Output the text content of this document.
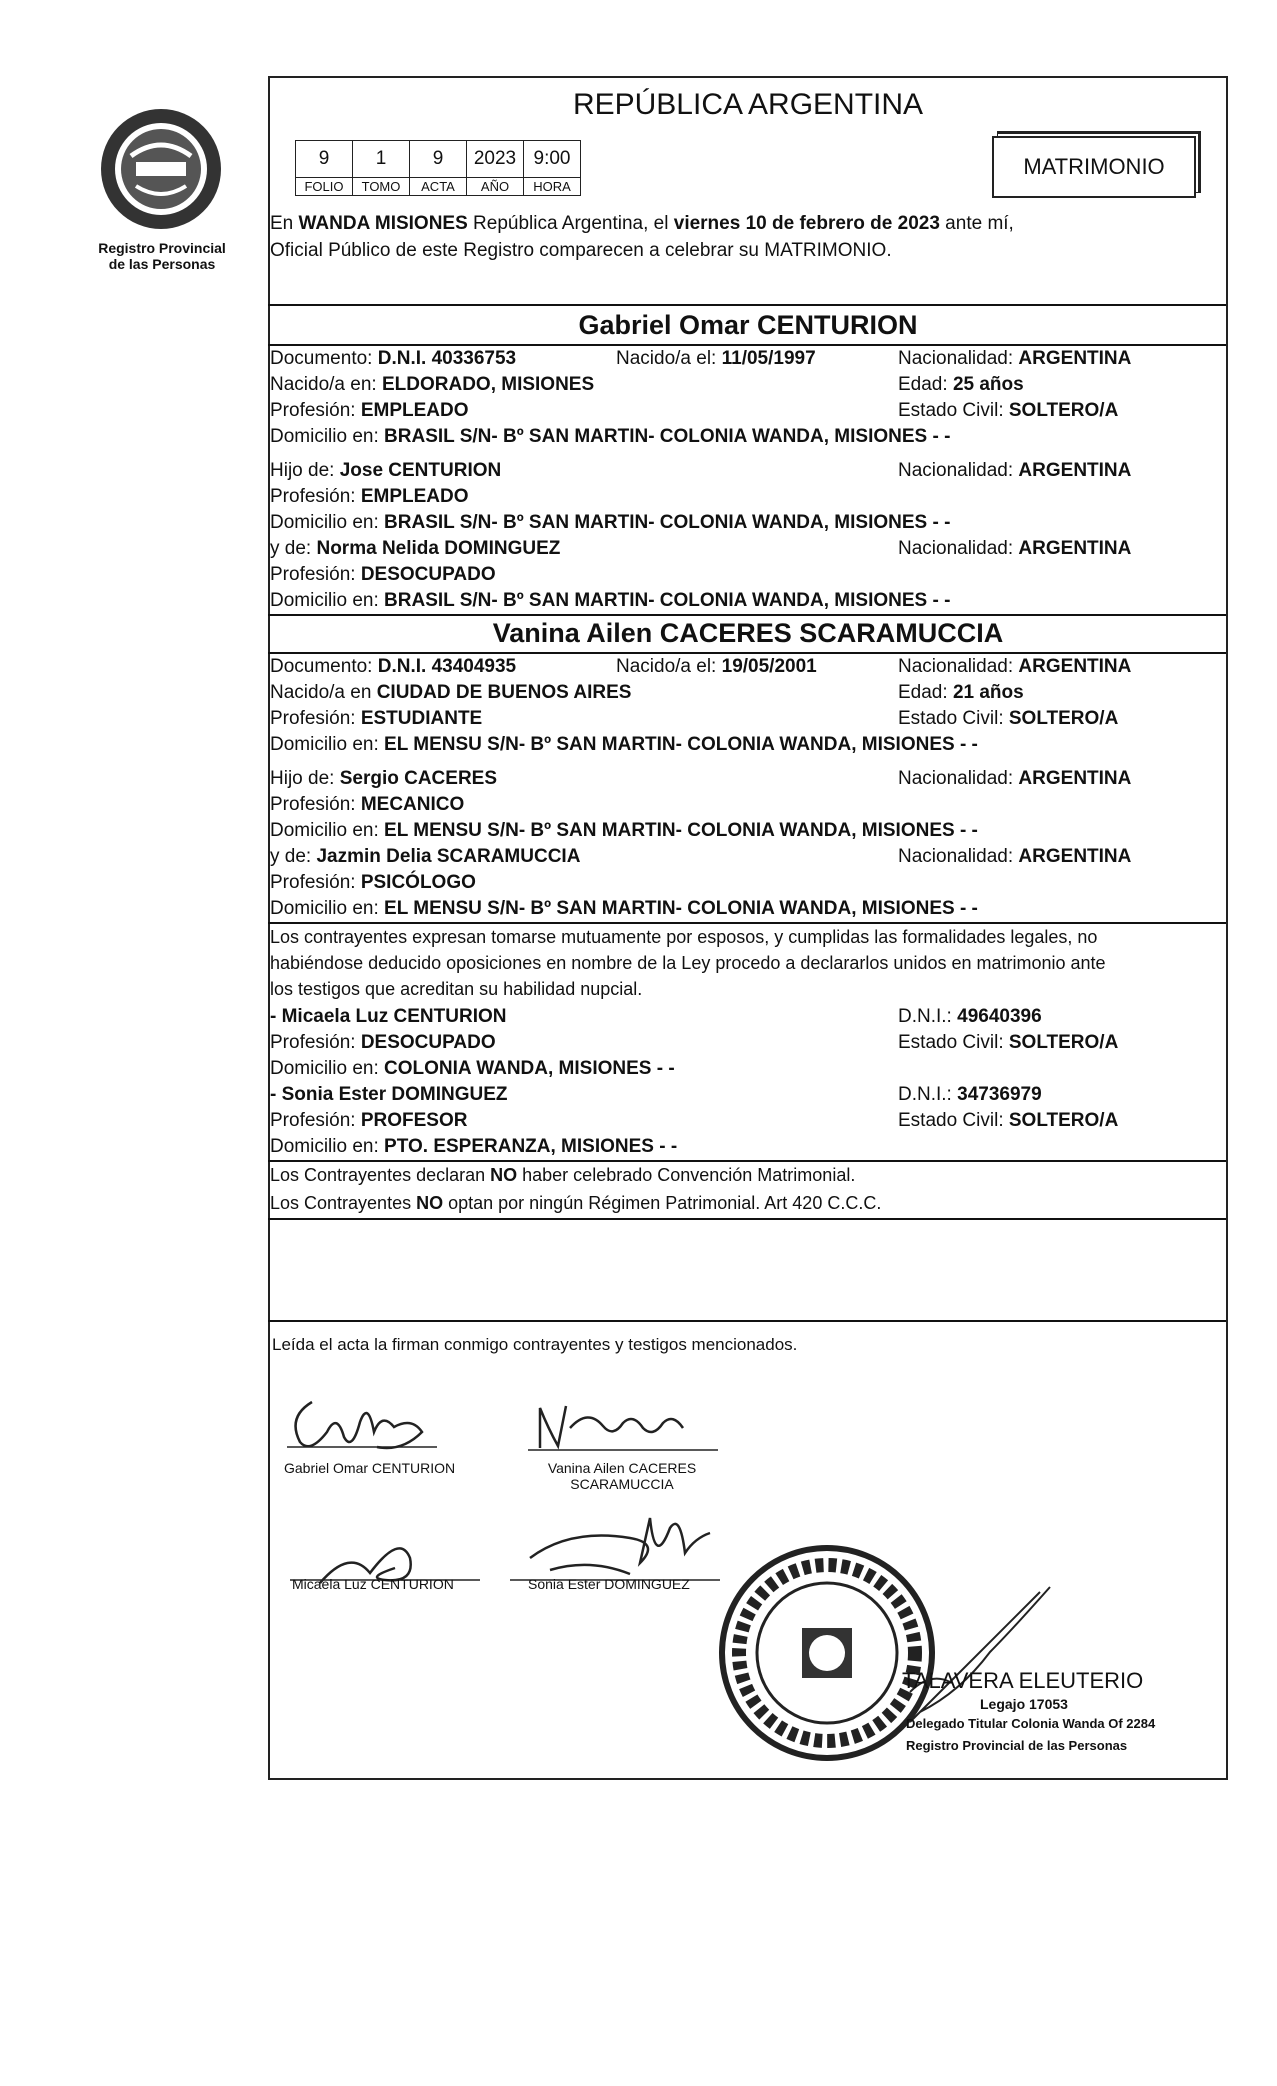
Registro Provincial
de las Personas
REPÚBLICA ARGENTINA
9	1	9	2023	9:00
FOLIO	TOMO	ACTA	AÑO	HORA
MATRIMONIO
En WANDA MISIONES República Argentina, el viernes 10 de febrero de 2023 ante mí,
Oficial Público de este Registro comparecen a celebrar su MATRIMONIO.
Gabriel Omar CENTURION
Documento: D.N.I. 40336753	Nacido/a el: 11/05/1997	Nacionalidad: ARGENTINA
Nacido/a en: ELDORADO, MISIONES	Edad: 25 años
Profesión: EMPLEADO	Estado Civil: SOLTERO/A
Domicilio en: BRASIL S/N- Bº SAN MARTIN- COLONIA WANDA, MISIONES - -
Hijo de: Jose CENTURION	Nacionalidad: ARGENTINA
Profesión: EMPLEADO
Domicilio en: BRASIL S/N- Bº SAN MARTIN- COLONIA WANDA, MISIONES - -
y de: Norma Nelida DOMINGUEZ	Nacionalidad: ARGENTINA
Profesión: DESOCUPADO
Domicilio en: BRASIL S/N- Bº SAN MARTIN- COLONIA WANDA, MISIONES - -
Vanina Ailen CACERES SCARAMUCCIA
Documento: D.N.I. 43404935	Nacido/a el: 19/05/2001	Nacionalidad: ARGENTINA
Nacido/a en CIUDAD DE BUENOS AIRES	Edad: 21 años
Profesión: ESTUDIANTE	Estado Civil: SOLTERO/A
Domicilio en: EL MENSU S/N- Bº SAN MARTIN- COLONIA WANDA, MISIONES - -
Hijo de: Sergio CACERES	Nacionalidad: ARGENTINA
Profesión: MECANICO
Domicilio en: EL MENSU S/N- Bº SAN MARTIN- COLONIA WANDA, MISIONES - -
y de: Jazmin Delia SCARAMUCCIA	Nacionalidad: ARGENTINA
Profesión: PSICÓLOGO
Domicilio en: EL MENSU S/N- Bº SAN MARTIN- COLONIA WANDA, MISIONES - -
Los contrayentes expresan tomarse mutuamente por esposos, y cumplidas las formalidades legales, no
habiéndose deducido oposiciones en nombre de la Ley procedo a declararlos unidos en matrimonio ante
los testigos que acreditan su habilidad nupcial.
- Micaela Luz CENTURION	D.N.I.: 49640396
Profesión: DESOCUPADO	Estado Civil: SOLTERO/A
Domicilio en: COLONIA WANDA, MISIONES - -
- Sonia Ester DOMINGUEZ	D.N.I.: 34736979
Profesión: PROFESOR	Estado Civil: SOLTERO/A
Domicilio en: PTO. ESPERANZA, MISIONES - -
Los Contrayentes declaran NO haber celebrado Convención Matrimonial.
Los Contrayentes NO optan por ningún Régimen Patrimonial. Art 420 C.C.C.
Leída el acta la firman conmigo contrayentes y testigos mencionados.
Gabriel Omar CENTURION	Vanina Ailen CACERES
SCARAMUCCIA
Micaela Luz CENTURION	Sonia Ester DOMINGUEZ
TALAVERA ELEUTERIO
Legajo 17053
Delegado Titular Colonia Wanda Of 2284
Registro Provincial de las Personas
